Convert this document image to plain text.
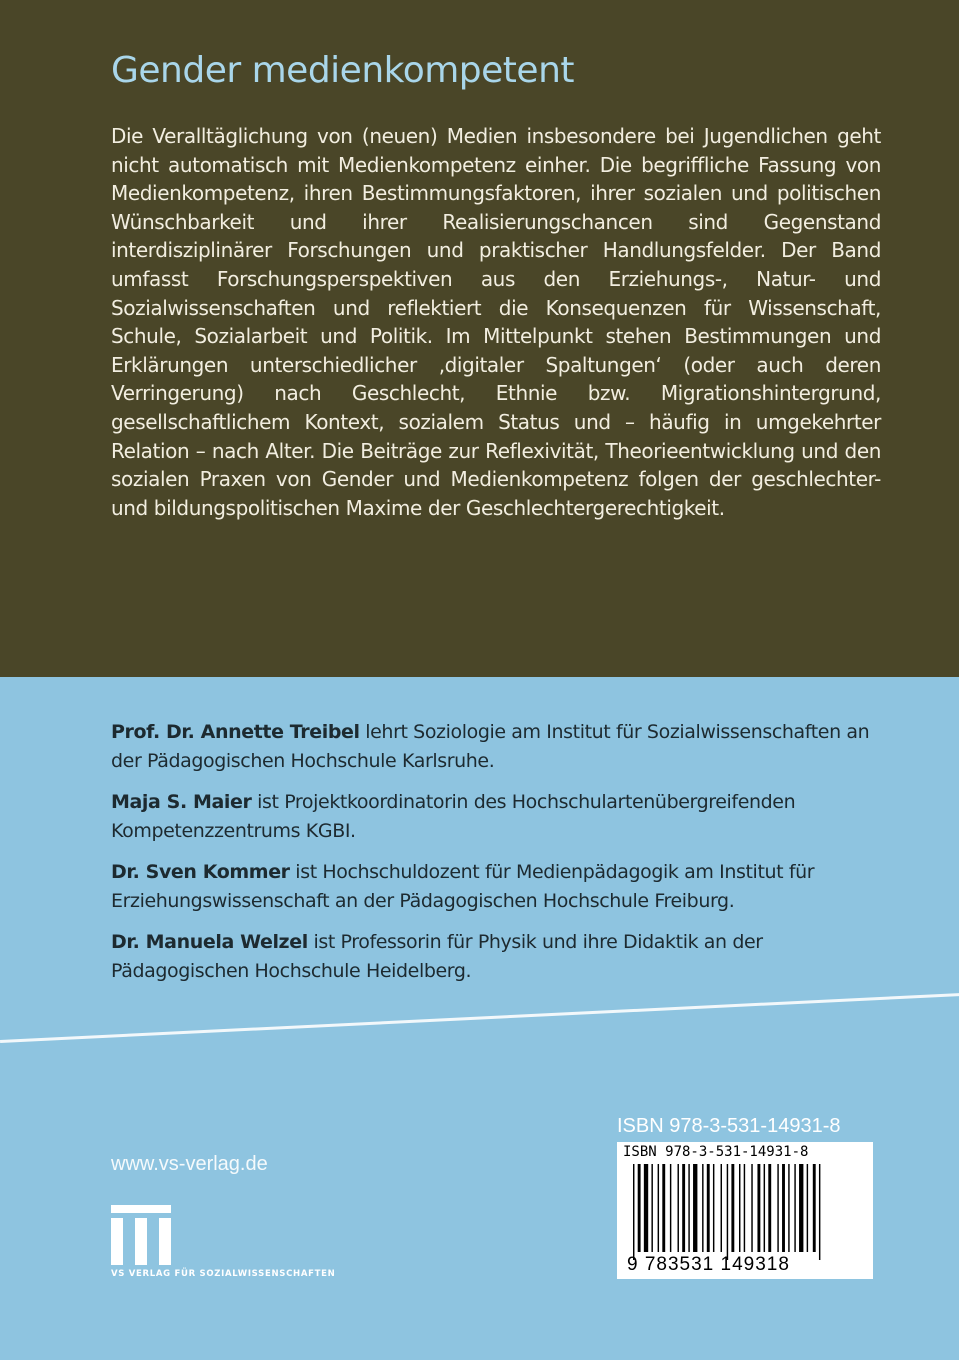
Gender medienkompetent

Die Veralltäglichung von (neuen) Medien insbesondere bei Jugendlichen geht nicht automatisch mit Medienkompetenz einher. Die begriffliche Fassung von Medienkompetenz, ihren Bestimmungsfaktoren, ihrer sozialen und politischen Wünschbarkeit und ihrer Realisierungschancen sind Gegenstand interdisziplinärer Forschungen und praktischer Handlungsfelder. Der Band umfasst Forschungsperspektiven aus den Erziehungs-, Natur- und Sozialwissenschaften und reflektiert die Konsequenzen für Wissenschaft, Schule, Sozialarbeit und Politik. Im Mittelpunkt stehen Bestimmungen und Erklärungen unterschiedlicher ‚digitaler Spaltungen‘ (oder auch deren Verringerung) nach Geschlecht, Ethnie bzw. Migrationshintergrund, gesellschaftlichem Kontext, sozialem Status und – häufig in umgekehrter Relation – nach Alter. Die Beiträge zur Reflexivität, Theorieentwicklung und den sozialen Praxen von Gender und Medienkompetenz folgen der geschlechter- und bildungspolitischen Maxime der Geschlechtergerechtigkeit.

Prof. Dr. Annette Treibel lehrt Soziologie am Institut für Sozialwissenschaften an der Pädagogischen Hochschule Karlsruhe.

Maja S. Maier ist Projektkoordinatorin des Hochschulartenübergreifenden Kompetenzzentrums KGBI.

Dr. Sven Kommer ist Hochschuldozent für Medienpädagogik am Institut für Erziehungswissenschaft an der Pädagogischen Hochschule Freiburg.

Dr. Manuela Welzel ist Professorin für Physik und ihre Didaktik an der Pädagogischen Hochschule Heidelberg.

www.vs-verlag.de
VS VERLAG FÜR SOZIALWISSENSCHAFTEN
ISBN 978-3-531-14931-8
ISBN 978-3-531-14931-8
9 783531 149318
